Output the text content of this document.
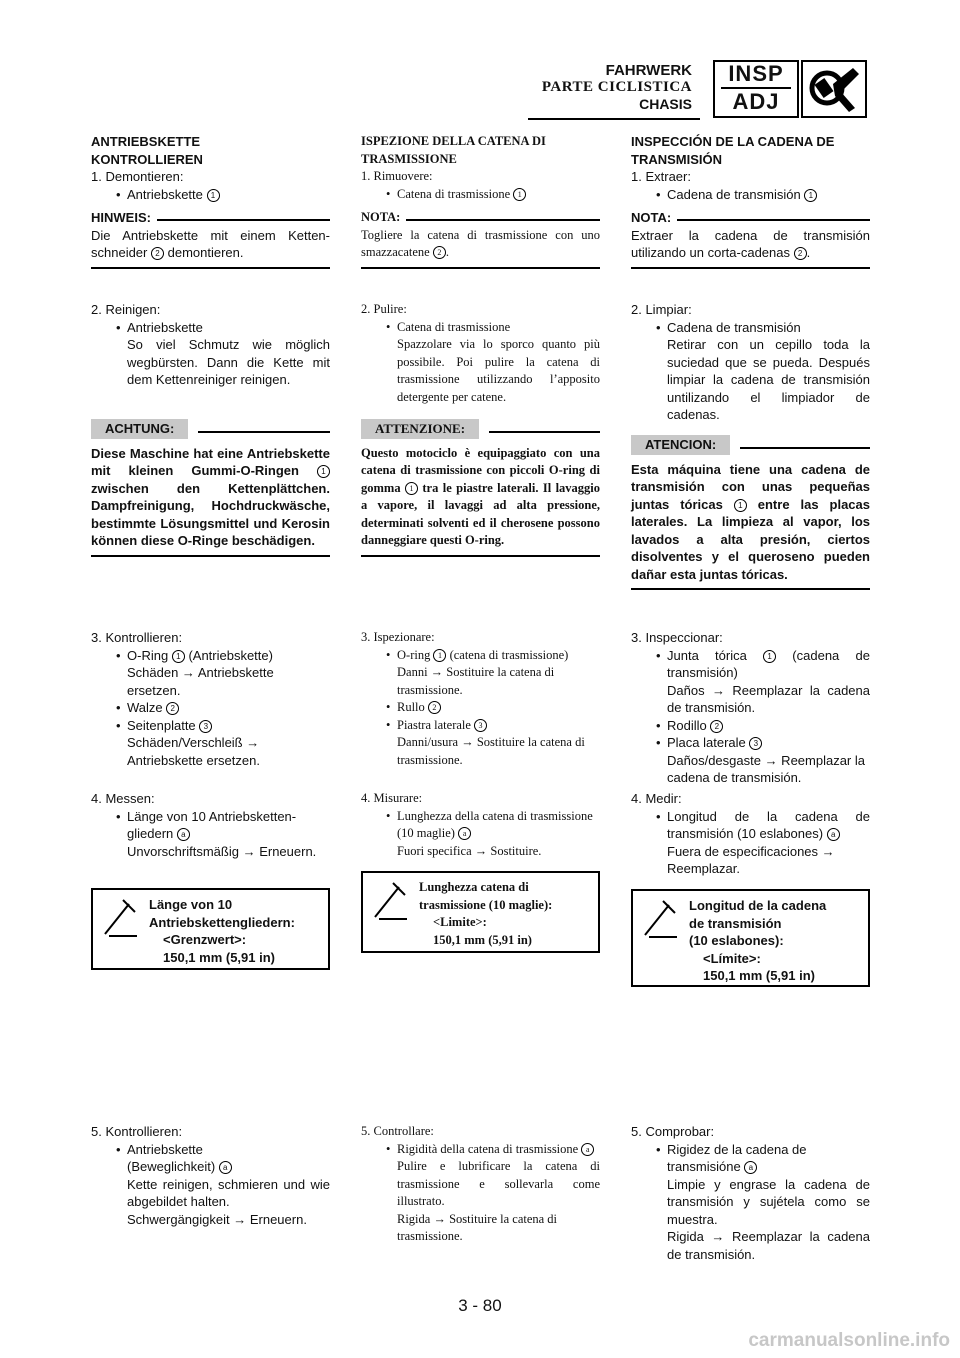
FAHRWERK
PARTE CICLISTICA
CHASIS
INSP
ADJ
ANTRIEBSKETTE
KONTROLLIEREN
1. Demontieren:
• Antriebskette 1
HINWEIS:
Die Antriebskette mit einem Ketten- schneider 2 demontieren.
2. Reinigen:
• Antriebskette
So viel Schmutz wie möglich wegbürsten. Dann die Kette mit dem Kettenreiniger reinigen.
ACHTUNG:
Diese Maschine hat eine Antriebskette mit kleinen Gummi-O-Ringen	1 zwischen den Kettenplättchen. Dampfreinigung, Hochdruckwäsche, bestimmte Lösungsmittel und Kerosin können diese O-Ringe beschädigen.
3. Kontrollieren:
• O-Ring 1 (Antriebskette)
Schäden → Antriebskette ersetzen.
• Walze 2
• Seitenplatte 3
Schäden/Verschleiß → Antriebskette ersetzen.
4. Messen:
• Länge von 10 Antriebsketten-gliedern a
Unvorschriftsmäßig → Erneuern.
Länge von 10
Antriebskettengliedern:
<Grenzwert>:
150,1 mm (5,91 in)
5. Kontrollieren:
• Antriebskette
(Beweglichkeit) a
Kette reinigen, schmieren und wie abgebildet halten.
Schwergängigkeit → Erneuern.
ISPEZIONE DELLA CATENA DI
TRASMISSIONE
1. Rimuovere:
• Catena di trasmissione 1
NOTA:
Togliere la catena di trasmissione con uno smazzacatene 2 .
2. Pulire:
• Catena di trasmissione
Spazzolare via lo sporco quanto più possibile. Poi pulire la catena di trasmissione utilizzando l’apposito detergente per catene.
ATTENZIONE:
Questo motociclo è equipaggiato con una catena di trasmissione con piccoli O-ring di gomma 1 tra le piastre laterali. Il lavaggio a vapore, il lavaggi ad alta pressione, determinati solventi ed il cherosene possono danneggiare questi O-ring.
3. Ispezionare:
• O-ring 1 (catena di trasmissione)
Danni → Sostituire la catena di trasmissione.
• Rullo 2
• Piastra laterale 3
Danni/usura → Sostituire la catena di trasmissione.
4. Misurare:
• Lunghezza della catena di trasmissione (10 maglie) a
Fuori specifica → Sostituire.
Lunghezza catena di
trasmissione (10 maglie):
<Limite>:
150,1 mm (5,91 in)
5. Controllare:
• Rigidità della catena di trasmissione a
Pulire e lubrificare la catena di trasmissione e sollevarla come illustrato.
Rigida → Sostituire la catena di trasmissione.
INSPECCIÓN DE LA CADENA DE
TRANSMISIÓN
1. Extraer:
• Cadena de transmisión 1
NOTA:
Extraer la cadena de transmisión utilizando un corta-cadenas 2 .
2. Limpiar:
• Cadena de transmisión
Retirar con un cepillo toda la suciedad que se pueda. Después limpiar la cadena de transmisión untilizando el limpiador de cadenas.
ATENCION:
Esta máquina tiene una cadena de transmisión con unas pequeñas juntas tóricas 1 entre las placas laterales. La limpieza al vapor, los lavados a alta presión, ciertos disolventes y el queroseno pueden dañar esta juntas tóricas.
3. Inspeccionar:
• Junta tórica	1 (cadena de transmisión)
Daños → Reemplazar la cadena de transmisión.
• Rodillo 2
• Placa laterale 3
Daños/desgaste → Reemplazar la cadena de transmisión.
4. Medir:
• Longitud de la cadena de transmisión (10 eslabones) a
Fuera de especificaciones → Reemplazar.
Longitud de la cadena
de transmisión
(10 eslabones):
<Límite>:
150,1 mm (5,91 in)
5. Comprobar:
• Rigidez de la cadena de transmisióne a
Limpie y engrase la cadena de transmisión y sujétela como se muestra.
Rigida → Reemplazar la cadena de transmisión.
3 - 80
carmanualsonline.info
